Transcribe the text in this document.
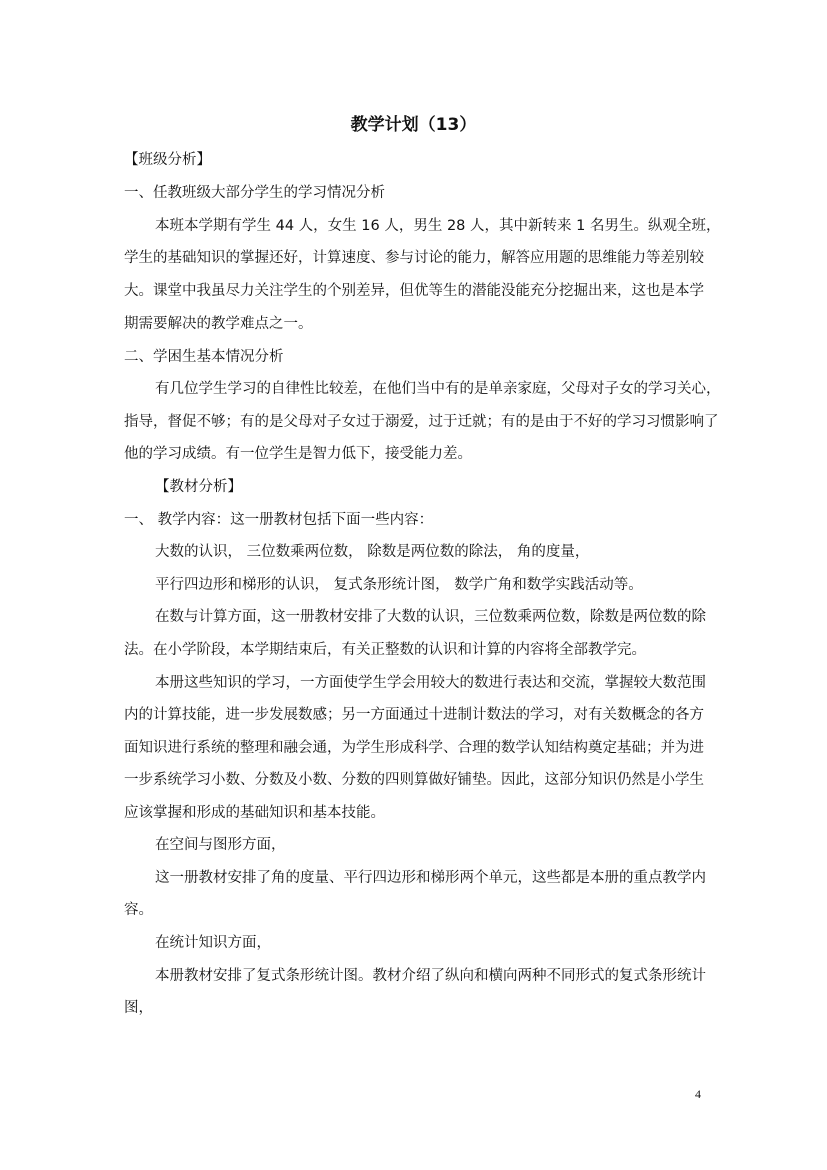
教学计划（13）
【班级分析】
一、任教班级大部分学生的学习情况分析
本班本学期有学生 44 人，女生 16 人，男生 28 人，其中新转来 1 名男生。纵观全班，
学生的基础知识的掌握还好，计算速度、参与讨论的能力，解答应用题的思维能力等差别较
大。课堂中我虽尽力关注学生的个别差异，但优等生的潜能没能充分挖掘出来，这也是本学
期需要解决的教学难点之一。
二、学困生基本情况分析
有几位学生学习的自律性比较差，在他们当中有的是单亲家庭，父母对子女的学习关心，
指导，督促不够；有的是父母对子女过于溺爱，过于迁就；有的是由于不好的学习习惯影响了
他的学习成绩。有一位学生是智力低下，接受能力差。
【教材分析】
一、 教学内容：这一册教材包括下面一些内容：
大数的认识， 三位数乘两位数， 除数是两位数的除法， 角的度量，
平行四边形和梯形的认识， 复式条形统计图， 数学广角和数学实践活动等。
在数与计算方面，这一册教材安排了大数的认识，三位数乘两位数，除数是两位数的除
法。在小学阶段，本学期结束后，有关正整数的认识和计算的内容将全部教学完。
本册这些知识的学习，一方面使学生学会用较大的数进行表达和交流，掌握较大数范围
内的计算技能，进一步发展数感；另一方面通过十进制计数法的学习，对有关数概念的各方
面知识进行系统的整理和融会通，为学生形成科学、合理的数学认知结构奠定基础；并为进
一步系统学习小数、分数及小数、分数的四则算做好铺垫。因此，这部分知识仍然是小学生
应该掌握和形成的基础知识和基本技能。
在空间与图形方面，
这一册教材安排了角的度量、平行四边形和梯形两个单元，这些都是本册的重点教学内
容。
在统计知识方面，
本册教材安排了复式条形统计图。教材介绍了纵向和横向两种不同形式的复式条形统计
图，
4
